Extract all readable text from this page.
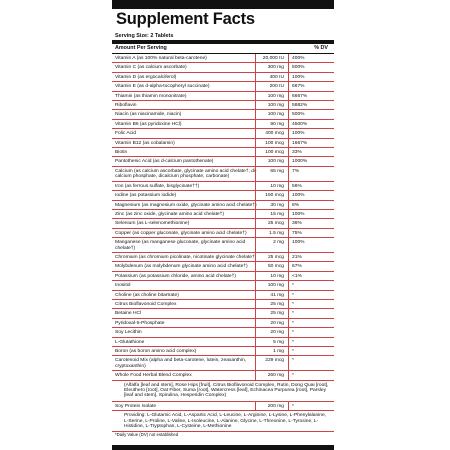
Supplement Facts
Serving Size: 2 Tablets
Amount Per Serving	% DV
Vitamin A (as 100% natural beta-carotene)	20,000 IU	400%
Vitamin C (as calcium ascorbate)	300 mg	500%
Vitamin D (as ergocalciferol)	400 IU	100%
Vitamin E (as d-alpha-tocopheryl succinate)	200 IU	667%
Thiamin (as thiamin mononitrate)	100 mg	6667%
Riboflavin	100 mg	5882%
Niacin (as niacinamide, niacin)	100 mg	500%
Vitamin B6 (as pyridoxine HCl)	90 mg	4500%
Folic Acid	400 mcg	100%
Vitamin B12 (as cobalamin)	100 mcg	1667%
Biotin	100 mcg	33%
Pantothenic Acid (as d-calcium pantothenate)	100 mg	1000%
Calcium (as calcium ascorbate, glycinate amino acid chelate†, di-calcium phosphate, dicalcium phosphate, carbonate)
65 mg	7%
Iron (as ferrous sulfate, bisglycinate††)	10 mg	56%
Iodine (as potassium iodide)	150 mcg	100%
Magnesium (as magnesium oxide, glycinate amino acid chelate†)	30 mg	8%
Zinc (as zinc oxide, glycinate amino acid chelate†)	15 mg	100%
Selenium (as L-selenomethionine)	25 mcg	36%
Copper (as copper gluconate, glycinate amino acid chelate†)	1.5 mg	75%
Manganese (as manganese gluconate, glycinate amino acid chelate†)
2 mg	100%
Chromium (as chromium picolinate, nicotinate glycinate chelate†)	25 mcg	21%
Molybdenum (as molybdenum glycinate amino acid chelate†)	50 mcg	67%
Potassium (as potassium chloride, amino acid chelate†)	10 mg	<1%
Inositol	100 mg	*
Choline (as choline bitartrate)	41 mg	*
Citrus Bioflavonoid Complex	25 mg	*
Betaine HCl	25 mg	*
Pyridoxal-5-Phosphate	20 mg	*
Soy Lecithin	20 mg	*
L-Glutathione	5 mg	*
Boron (as boron amino acid complex)	1 mg	*
Carotenoid Mix (alpha and beta-carotene, lutein, zeaxanthin, cryptoxanthin)
229 mcg	*
Whole Food Herbal Blend Complex	260 mg	*
(Alfalfa [leaf and stem], Rose Hips [fruit], Citrus Bioflavonoid Complex, Rutin, Dong Quai [root], Eleuthero [root], Oat Fiber, Suma [root], Watercress [leaf], Echinacea Purpurea [root], Parsley [leaf and stem], Spirulina, Hesperidin Complex)
Soy Protein Isolate	200 mg	*
Providing: L-Glutamic Acid, L-Aspartic Acid, L-Leucine, L-Arginine, L-Lysine, L-Phenylalanine, L-Serine, L-Proline, L-Valine, L-Isoleucine, L-Alanine, Glycine, L-Threonine, L-Tyrosine, L-Histidine, L-Tryptophan, L-Cysteine, L-Methionine
*Daily Value (DV) not established
